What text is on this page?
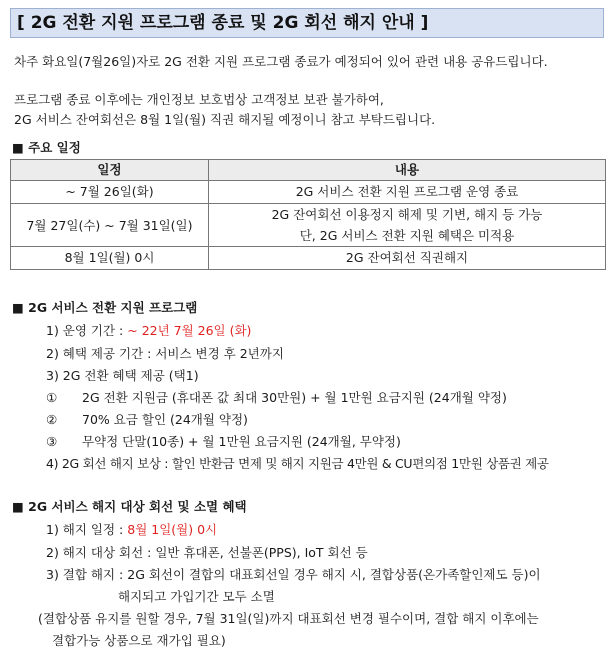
[ 2G 전환 지원 프로그램 종료 및 2G 회선 해지 안내 ]
차주 화요일(7월26일)자로 2G 전환 지원 프로그램 종료가 예정되어 있어 관련 내용 공유드립니다.
프로그램 종료 이후에는 개인정보 보호법상 고객정보 보관 불가하여,
2G 서비스 잔여회선은 8월 1일(월) 직권 해지될 예정이니 참고 부탁드립니다.
■ 주요 일정
일정	내용
~ 7월 26일(화)	2G 서비스 전환 지원 프로그램 운영 종료
7월 27일(수) ~ 7월 31일(일)	2G 잔여회선 이용정지 해제 및 기변, 해지 등 가능
단, 2G 서비스 전환 지원 혜택은 미적용

8월 1일(월) 0시	2G 잔여회선 직권해지
■ 2G 서비스 전환 지원 프로그램
1) 운영 기간 : ~ 22년 7월 26일 (화)
2) 혜택 제공 기간 : 서비스 변경 후 2년까지
3) 2G 전환 혜택 제공 (택1)
① 2G 전환 지원금 (휴대폰 값 최대 30만원) + 월 1만원 요금지원 (24개월 약정)
② 70% 요금 할인 (24개월 약정)
③ 무약정 단말(10종) + 월 1만원 요금지원 (24개월, 무약정)
4) 2G 회선 해지 보상 : 할인 반환금 면제 및 해지 지원금 4만원 & CU편의점 1만원 상품권 제공
■ 2G 서비스 해지 대상 회선 및 소멸 혜택
1) 해지 일정 : 8월 1일(월) 0시
2) 해지 대상 회선 : 일반 휴대폰, 선불폰(PPS), IoT 회선 등
3) 결합 해지 : 2G 회선이 결합의 대표회선일 경우 해지 시, 결합상품(온가족할인제도 등)이
해지되고 가입기간 모두 소멸
(결합상품 유지를 원할 경우, 7월 31일(일)까지 대표회선 변경 필수이며, 결합 해지 이후에는
결합가능 상품으로 재가입 필요)
